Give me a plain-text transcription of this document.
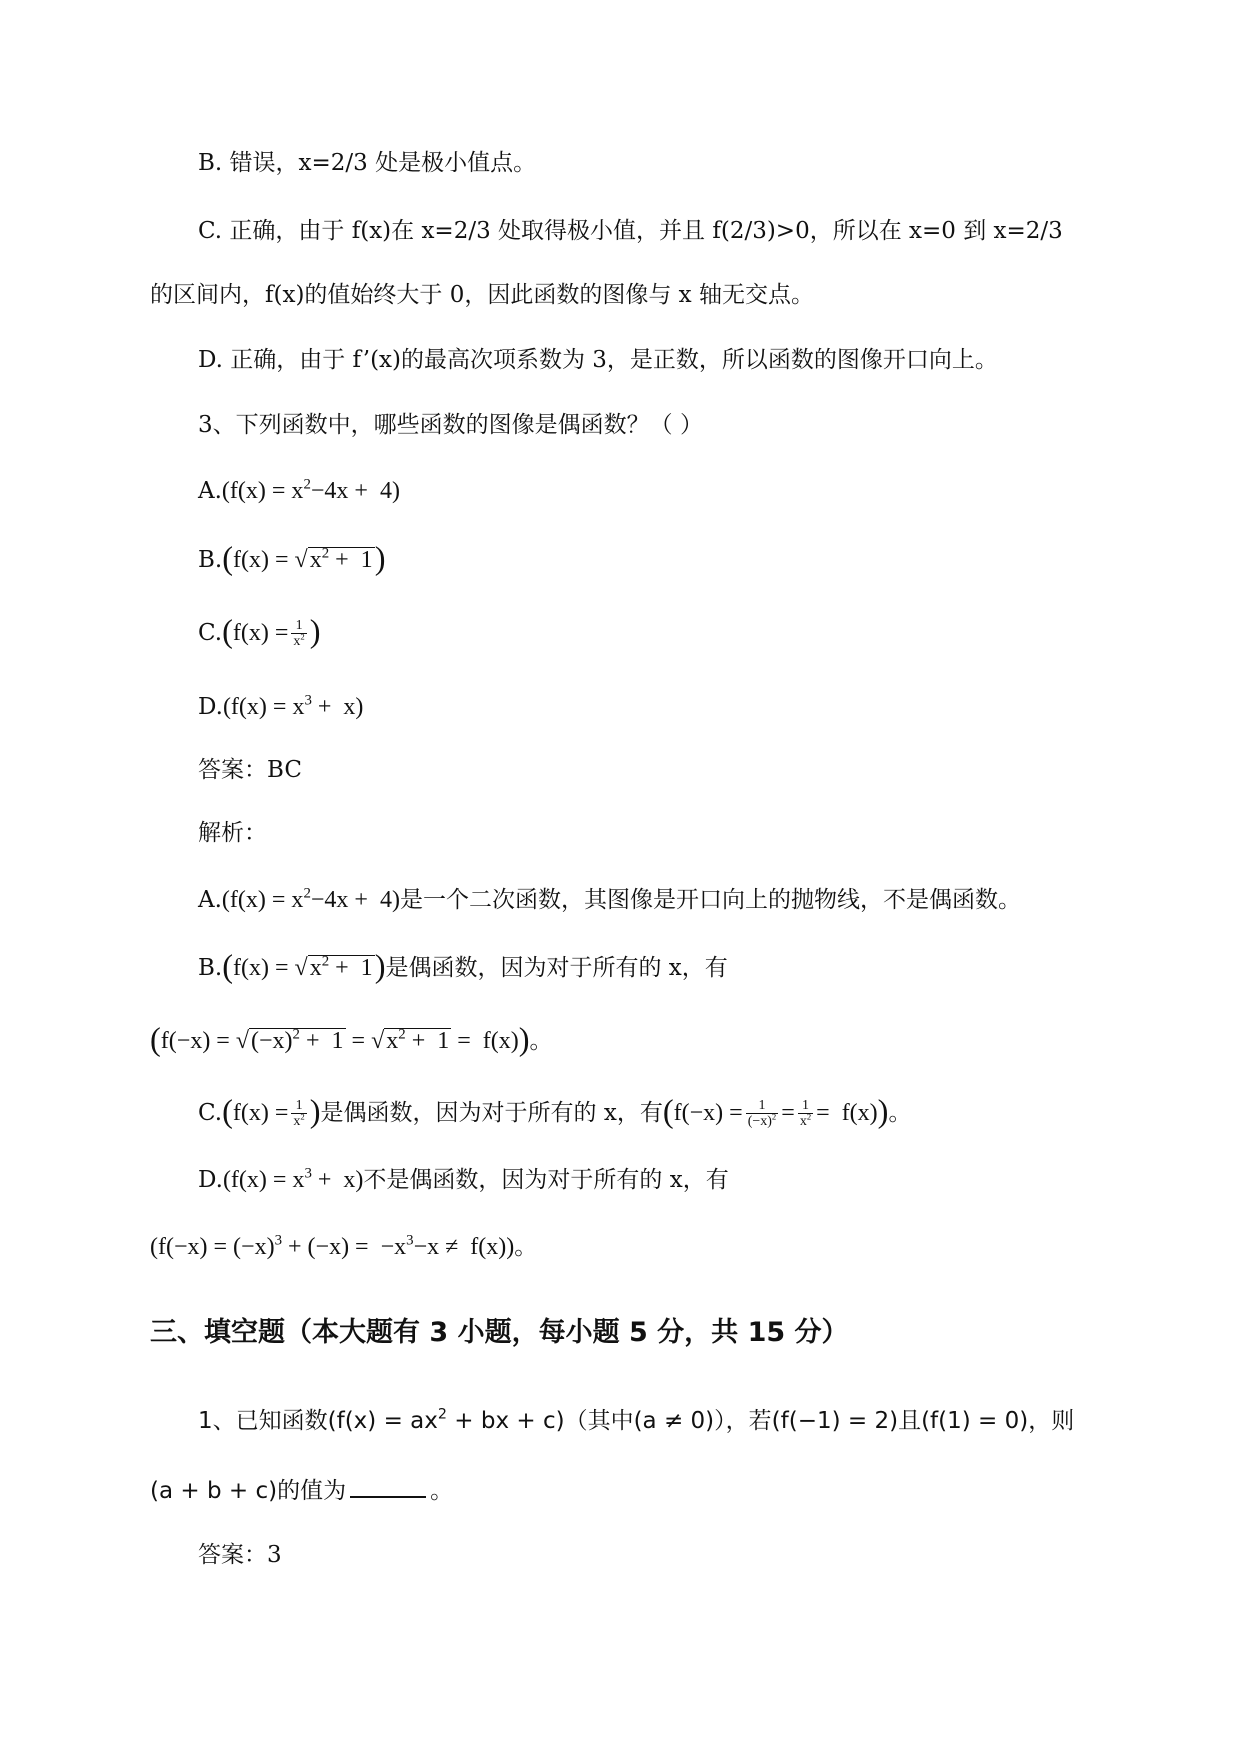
B. 错误，x=2/3 处是极小值点。
C. 正确，由于 f(x)在 x=2/3 处取得极小值，并且 f(2/3)>0，所以在 x=0 到 x=2/3
的区间内，f(x)的值始终大于 0，因此函数的图像与 x 轴无交点。
D. 正确，由于 f’(x)的最高次项系数为 3，是正数，所以函数的图像开口向上。
3、下列函数中，哪些函数的图像是偶函数？（ ）
$A.(f(x) = x^2-4x + 4)$
$B.(f(x) = √x^2 + 1)$
$C.(f(x) = \frac{1}{x^2}$ )
$D.(f(x) = x^3 + x)$
答案：BC
解析：
$A.(f(x) = x^2-4x + 4)$是一个二次函数，其图像是开口向上的抛物线，不是偶函数。
$B.(f(x) = √x^2 + 1)$是偶函数，因为对于所有的 x，有
$(f(-x) = √(-x)^2 + 1 = √x^2 + 1 = f(x))$。
$C.(f(x) = \frac{1}{x^2}$ )是偶函数，因为对于所有的 x，有$(f(-x) = \frac{1}{(-x)^2} = \frac{1}{x^2} = f(x))$。
$D.(f(x) = x^3 + x)$不是偶函数，因为对于所有的 x，有
$(f(-x) = (-x)^3 + (-x) = -x^3-x \ne f(x))$。
三、填空题（本大题有 3 小题，每小题 5 分，共 15 分）
1、已知函数($f(x) = ax^2$ + bx + c)（其中(a ≠ 0)），若(f(−1) = 2)且(f(1) = 0)，则
(a + b + c)的值为	。
答案：3
